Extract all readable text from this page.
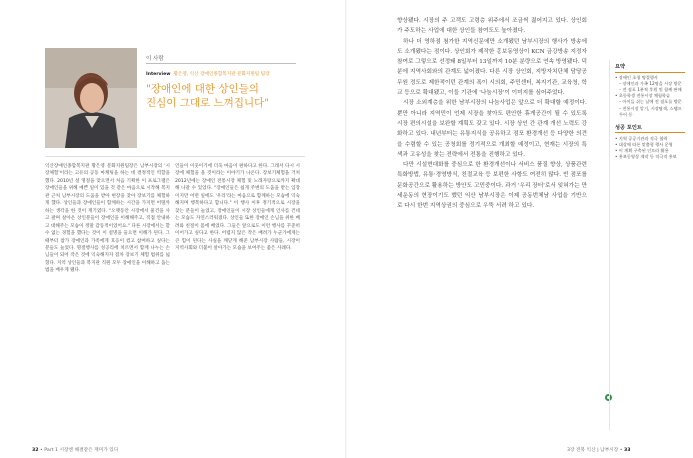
이 사람
Interview 황은영, 익산 장애인종합복지관 문화지원팀 팀장
"장애인에 대한 상인들의
진심이 그대로 느껴집니다"

익산장애인종합복지관 황은영 문화지원팀장은 남부시장의 '시장체험'이라는 고유의 공동 마케팅을 하는 데 결정적인 역할을 했다. 2010년 설 명절을 맞으면서 처음 기획한 이 프로그램은 장애인들을 위해 예쁜 일이 있을 것 같은 마음으로 시작해 복지관 근처 남부시장의 도움을 받아 현장을 찾아 장보기를 체험하게 했다. 상인들과 장애인들이 함께하는 시간을 가지면 어떨까 하는 생각을 한 것이 계기였다. "오랫동안 시장에서 물건을 사고 팔며 살아온 상인분들이 장애인을 이해해주고, 직접 안내하고 대해주는 모습이 정말 감동적이었어요." 다른 시장에서는 할 수 없는 경험을 했다는 것이 이 설명을 들으면 이해가 된다. 그때부터 참가 장애인과 가족에게 호응이 컸고 참여하고 싶다는 분들도 늘었다. 명절행사를 성공리에 치르면서 함께 나누는 손님들이 되어 작은 것에 익숙해지자 점차 장보기 체험 범위를 넓혔다. 지역 상인들과 복지관 직원 모두 장애인을 이해하고 돕는 법을 배우게 됐다.

인들이 이웃이기에 더욱 마음이 편하다고 한다. 그래서 다시 시장에 체험을 올 것이라는 이야기가 나온다. 장보기체험을 거쳐 2012년에는 장애인 전통시장 체험 및 노래자랑으로까지 확대해 나갈 수 있었다. "장애인들은 쉽게 주변의 도움을 받는 입장이지만 어떤 일에도 '우리'라는 마음으로 함께하는 모습에 익숙해지며 행복하다고 합니다." 이 행사 이후 정기적으로 시장을 찾는 분들이 늘었고, 장애인들이 시장 상인들에게 인사를 건네는 모습도 자연스러워졌다. 상인들 또한 장애인 손님을 위한 배려와 친절이 몸에 배었다. 그들은 앞으로도 이런 행사를 꾸준히 이어가고 싶다고 한다. 어렵지 않은 작은 배려가 누군가에게는 큰 힘이 된다는 사실을 깨닫게 해준 남부시장 사람들, 시장이 지역사회와 더불어 살아가는 모습을 보여주는 좋은 사례다.

32 • Part 1 시장엔 해결같은 재미가 있다

향상됐다. 시장의 주 고객도 고령층 위주에서 조금씩 젊어지고 있다. 상인회가 주도하는 사업에 대한 상인들 참여도도 높아졌다.

하나 더 영하점 첨가한 지역신문에만 소개됐던 남부시장의 행사가 방송에도 소개됐다는 점이다. 상인회가 제작한 홍보동영상이 KCN 금강방송 지정자 참여로 그렇으로 선정돼 8일부터 13일까지 10분 분량으로 연속 방영됐다. 덕분에 지역사회와의 관계도 넓어졌다. 다른 시장 상인회, 지방자치단체 담당공무원 정도로 제한적이던 관계의 폭이 시의회, 주민센터, 복지기관, 교육청, 학교 등으로 확대됐고, 이들 기관에 '나눔시장'이 이미지를 심어주었다.

시장 소외계층을 위한 남부시장의 나눔사업은 앞으로 더 확대할 예정이다. 뿐만 아니라 지역민이 언제 시장을 찾아도 편안한 휴게공간이 될 수 있도록 시장 편의시설을 보완할 계획도 갖고 있다. 시장 상인 간 관계 개선 노력도 강화하고 있다. 내년부터는 유통지식을 공유하고 점포 환경개선 등 다양한 의견을 수렴할 수 있는 공청회를 정기적으로 개최할 예정이고, 현재는 시장의 특색과 고유성을 찾는 전략에서 전통을 진행하고 있다.

다만 시설현대화를 중심으로 한 환경개선이나 서비스 품질 향상, 상품관련 특화방법, 유통·경영방식, 친절교육 등 보편한 사항도 여전히 많다. 빈 점포를 문화공간으로 활용하는 방안도 고민중이다. 과거 '우리 장터'로서 잊혀가는 만세운동의 현장이기도 했던 익산 남부시장은 이제 공동번체남 사업을 기반으로 다시 한번 지역상권의 중심으로 우뚝 서려 하고 있다.

요약
• 장애인 초청 명절행사
– 장애인과 가족 12명을 시장 방문
– 전 점포 1분씩 후원 및 함께 판매
• 초등학생 전통시장 체험학습
– 아이들 쉬는 날에 전 점포를 방문
– 전통시장 알기, 시장탐색, 스탬프 투어 등
성공 포인트
• 지역 공공기관과 적극 협력
• 대상에 따른 맞춤형 행사 운영
• 이 계획 구축된 인프라 활용
• 홍보동영상 제작 등 적극적 홍보
3장 전북 익산 | 남부시장 • 33
